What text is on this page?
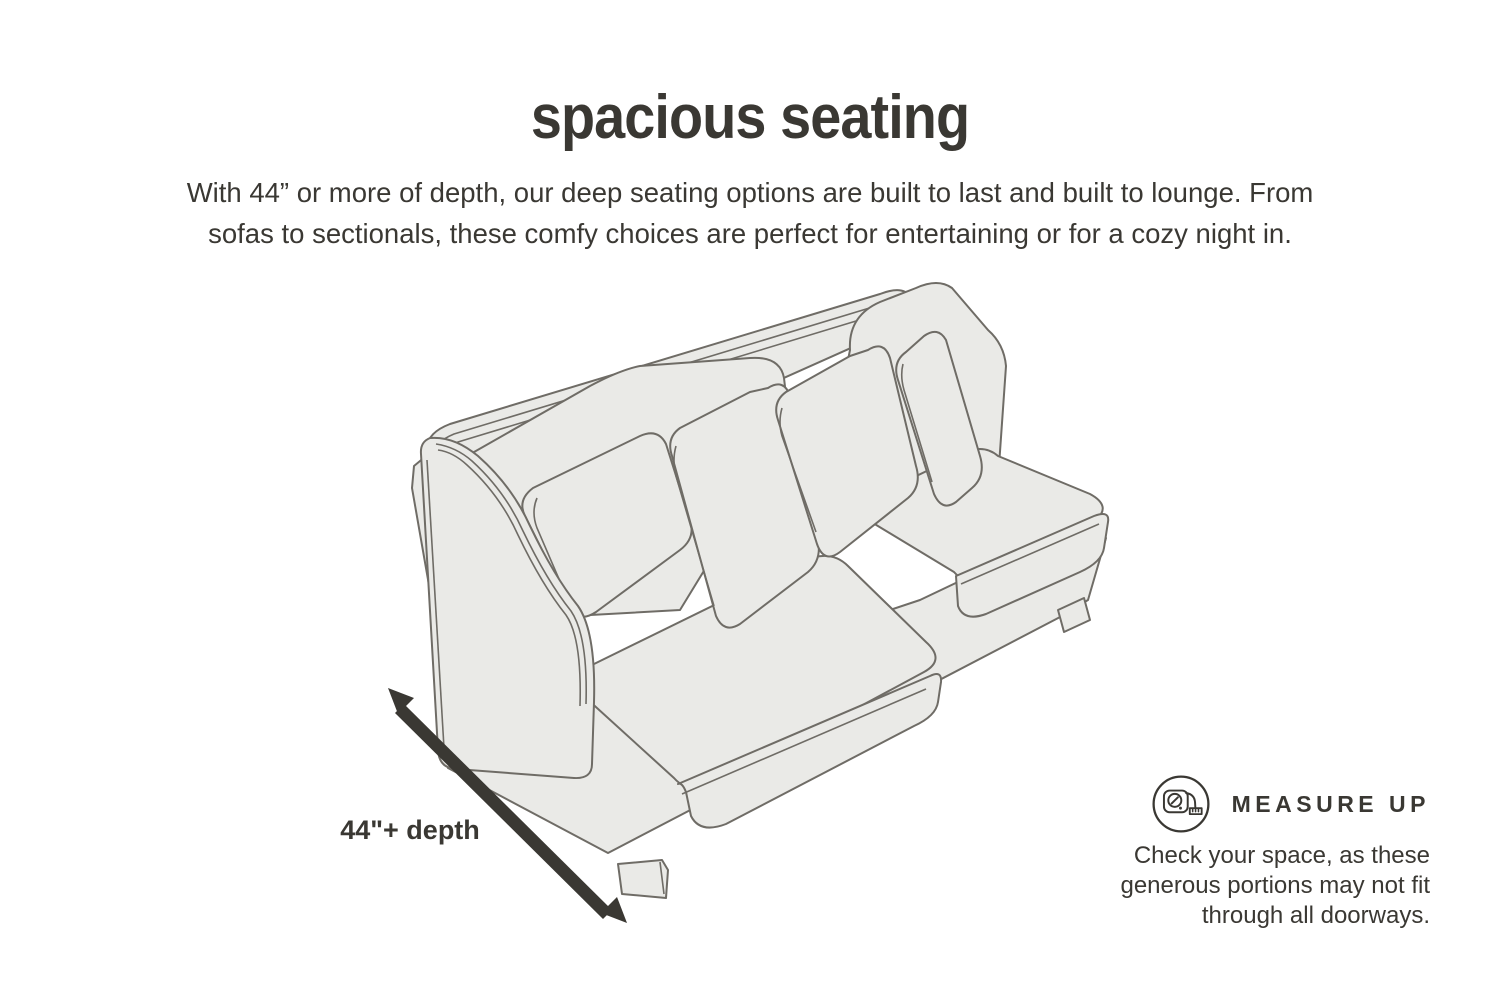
spacious seating
With 44” or more of depth, our deep seating options are built to last and built to lounge. From
sofas to sectionals, these comfy choices are perfect for entertaining or for a cozy night in.
44"+ depth
MEASURE UP
Check your space, as these
generous portions may not fit
through all doorways.
